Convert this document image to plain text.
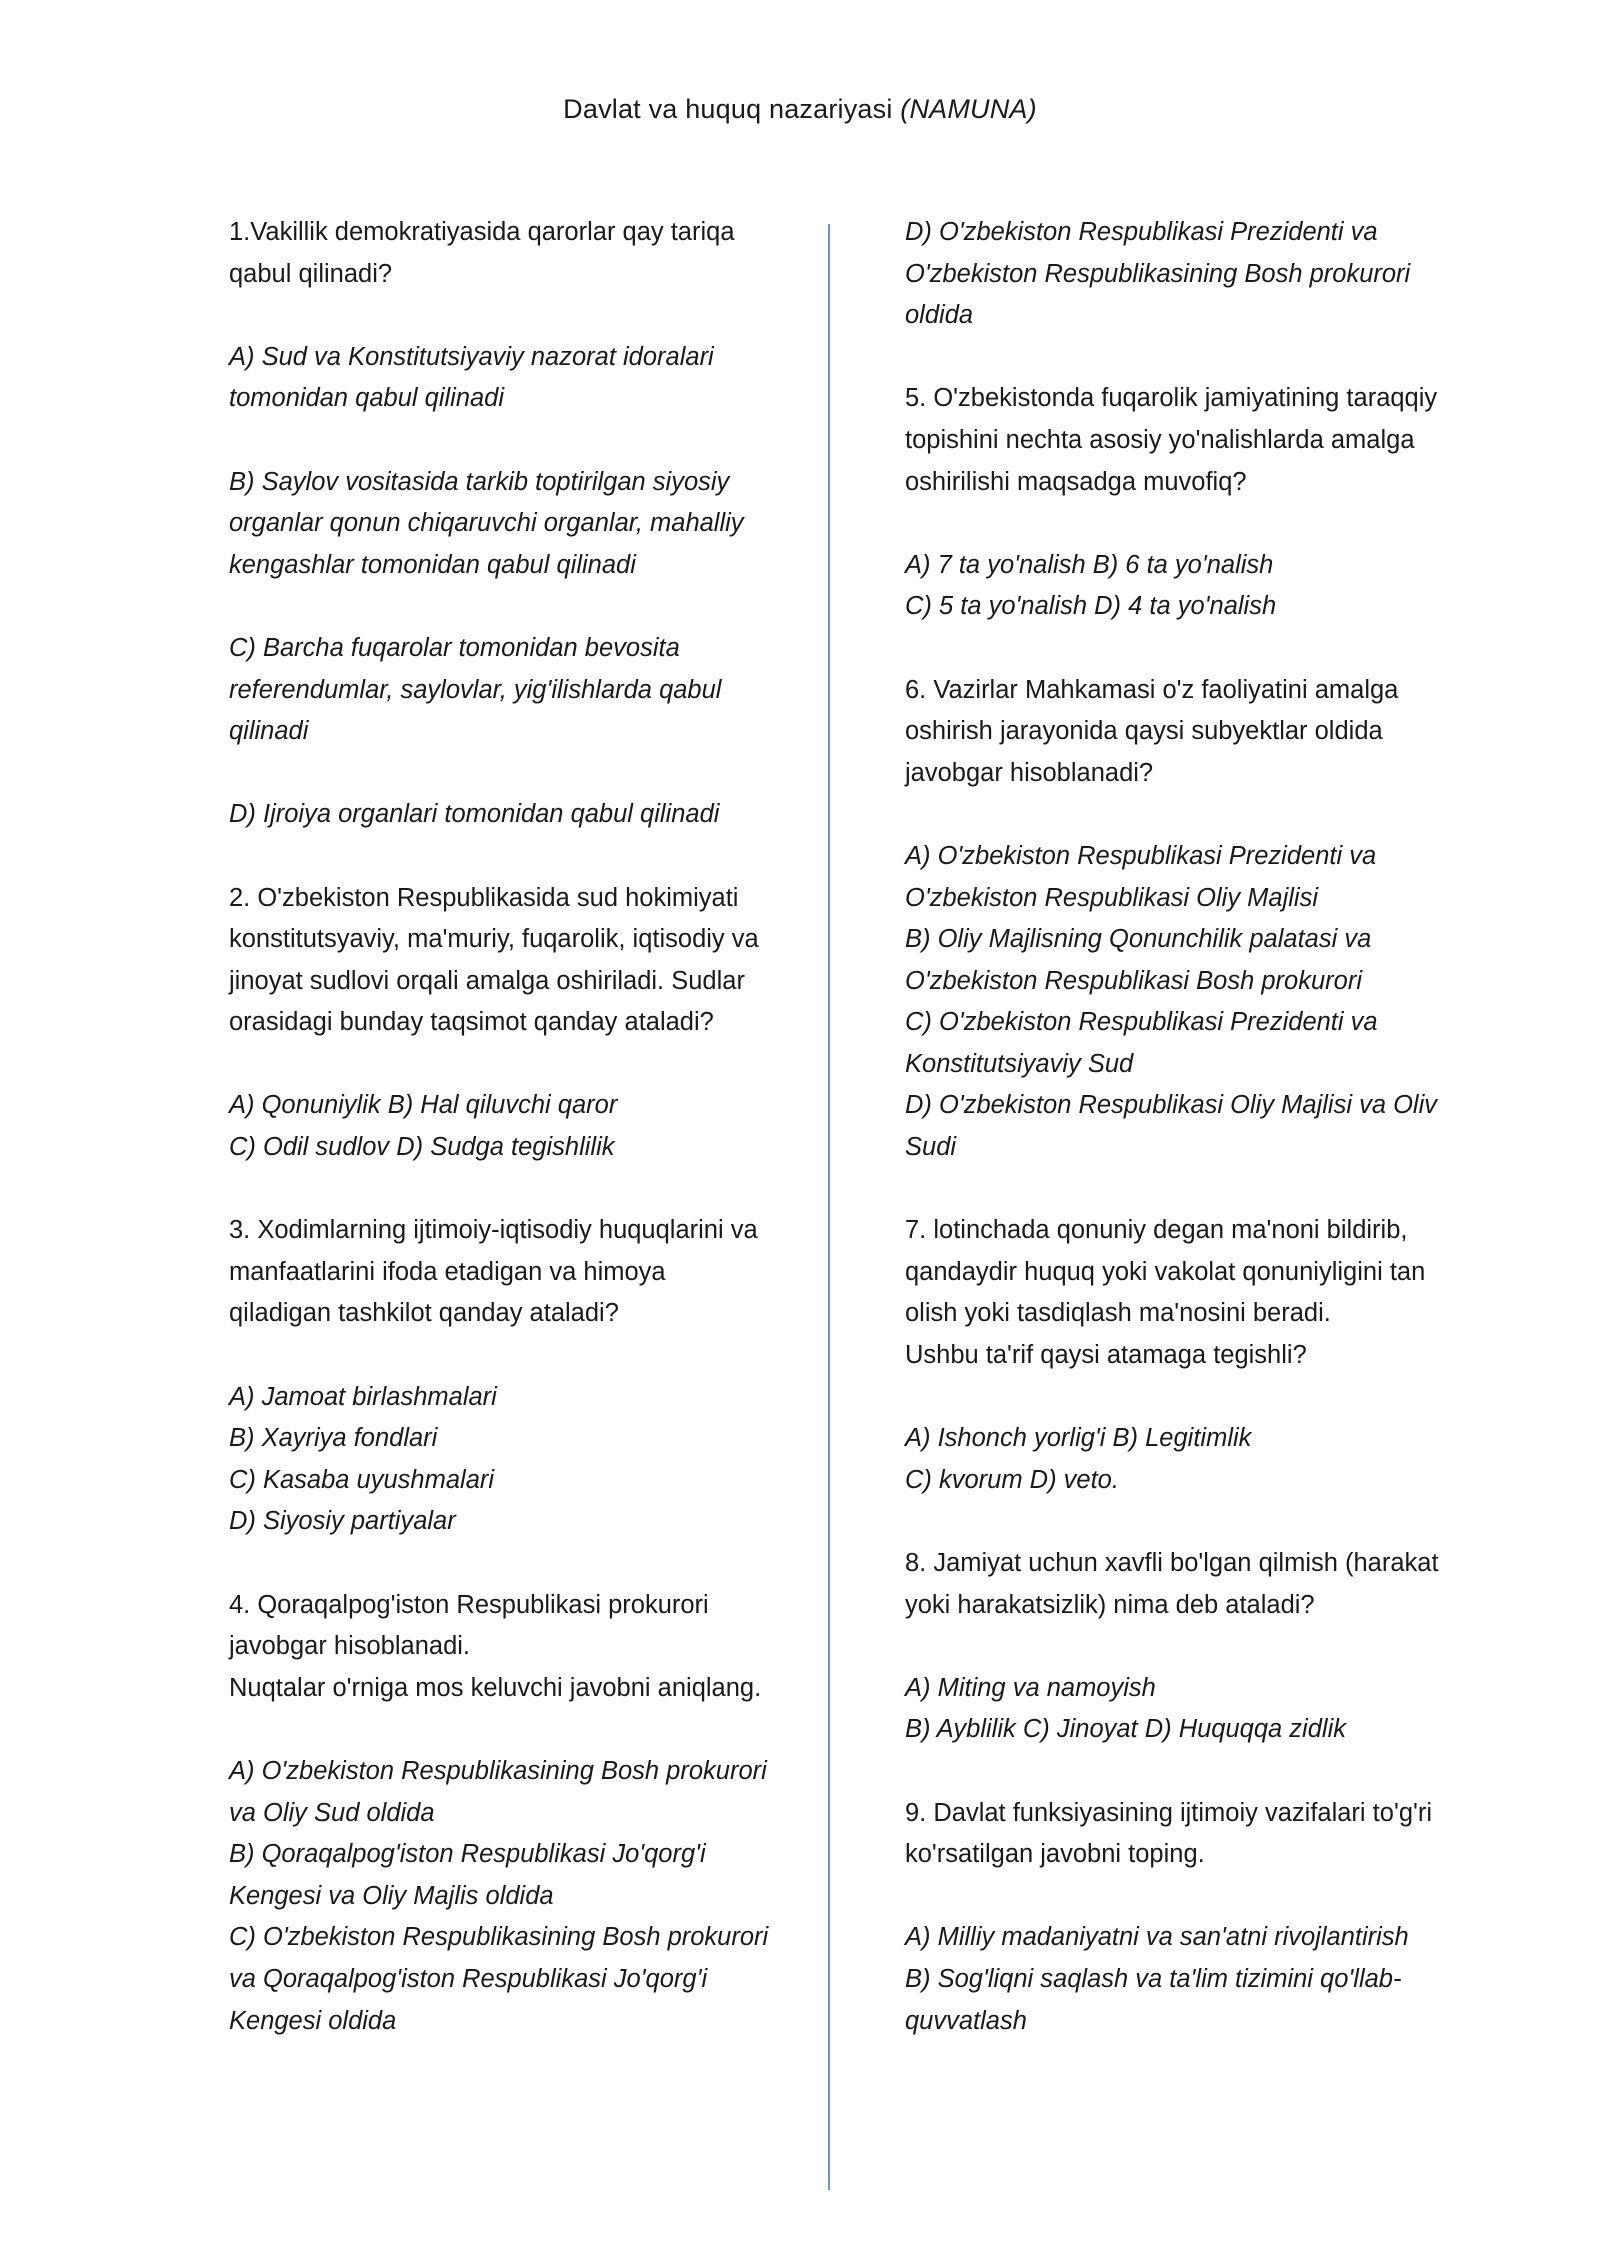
Davlat va huquq nazariyasi (NAMUNA)
1.Vakillik demokratiyasida qarorlar qay tariqa
qabul qilinadi?
A) Sud va Konstitutsiyaviy nazorat idoralari
tomonidan qabul qilinadi
B) Saylov vositasida tarkib toptirilgan siyosiy
organlar qonun chiqaruvchi organlar, mahalliy
kengashlar tomonidan qabul qilinadi
C) Barcha fuqarolar tomonidan bevosita
referendumlar, saylovlar, yig'ilishlarda qabul
qilinadi
D) Ijroiya organlari tomonidan qabul qilinadi
2. O'zbekiston Respublikasida sud hokimiyati
konstitutsyaviy, ma'muriy, fuqarolik, iqtisodiy va
jinoyat sudlovi orqali amalga oshiriladi. Sudlar
orasidagi bunday taqsimot qanday ataladi?
A) Qonuniylik B) Hal qiluvchi qaror
C) Odil sudlov D) Sudga tegishlilik
3. Xodimlarning ijtimoiy-iqtisodiy huquqlarini va
manfaatlarini ifoda etadigan va himoya
qiladigan tashkilot qanday ataladi?
A) Jamoat birlashmalari
B) Xayriya fondlari
C) Kasaba uyushmalari
D) Siyosiy partiyalar
4. Qoraqalpog'iston Respublikasi prokurori
javobgar hisoblanadi.
Nuqtalar o'rniga mos keluvchi javobni aniqlang.
A) O'zbekiston Respublikasining Bosh prokurori
va Oliy Sud oldida
B) Qoraqalpog'iston Respublikasi Jo'qorg'i
Kengesi va Oliy Majlis oldida
C) O'zbekiston Respublikasining Bosh prokurori
va Qoraqalpog'iston Respublikasi Jo'qorg'i
Kengesi oldida
D) O'zbekiston Respublikasi Prezidenti va
O'zbekiston Respublikasining Bosh prokurori
oldida
5. O'zbekistonda fuqarolik jamiyatining taraqqiy
topishini nechta asosiy yo'nalishlarda amalga
oshirilishi maqsadga muvofiq?
A) 7 ta yo'nalish B) 6 ta yo'nalish
C) 5 ta yo'nalish D) 4 ta yo'nalish
6. Vazirlar Mahkamasi o'z faoliyatini amalga
oshirish jarayonida qaysi subyektlar oldida
javobgar hisoblanadi?
A) O'zbekiston Respublikasi Prezidenti va
O'zbekiston Respublikasi Oliy Majlisi
B) Oliy Majlisning Qonunchilik palatasi va
O'zbekiston Respublikasi Bosh prokurori
C) O'zbekiston Respublikasi Prezidenti va
Konstitutsiyaviy Sud
D) O'zbekiston Respublikasi Oliy Majlisi va Oliv
Sudi
7. lotinchada qonuniy degan ma'noni bildirib,
qandaydir huquq yoki vakolat qonuniyligini tan
olish yoki tasdiqlash ma'nosini beradi.
Ushbu ta'rif qaysi atamaga tegishli?
A) Ishonch yorlig'i B) Legitimlik
C) kvorum D) veto.
8. Jamiyat uchun xavfli bo'lgan qilmish (harakat
yoki harakatsizlik) nima deb ataladi?
A) Miting va namoyish
B) Ayblilik C) Jinoyat D) Huquqqa zidlik
9. Davlat funksiyasining ijtimoiy vazifalari to'g'ri
ko'rsatilgan javobni toping.
A) Milliy madaniyatni va san'atni rivojlantirish
B) Sog'liqni saqlash va ta'lim tizimini qo'llab-
quvvatlash
